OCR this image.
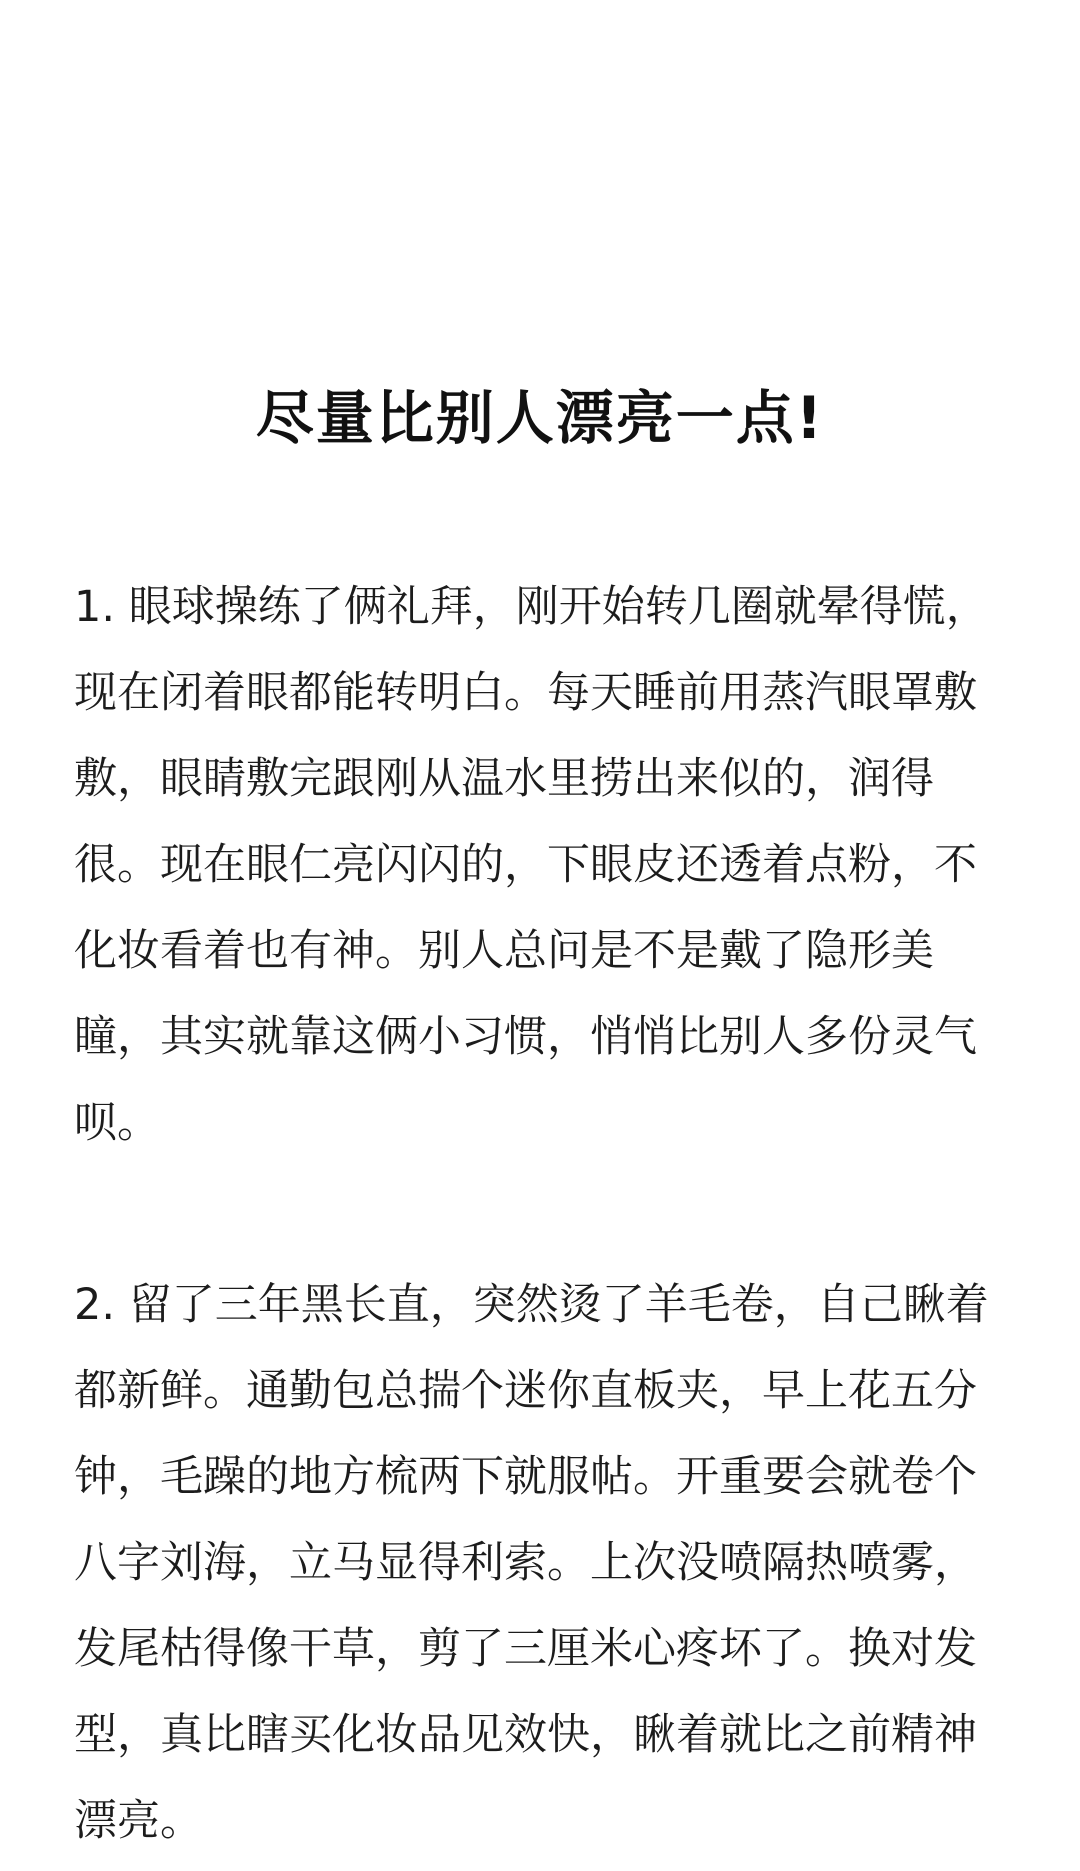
尽量比别人漂亮一点!

1. 眼球操练了俩礼拜，刚开始转几圈就晕得慌，现在闭着眼都能转明白。每天睡前用蒸汽眼罩敷敷，眼睛敷完跟刚从温水里捞出来似的，润得很。现在眼仁亮闪闪的，下眼皮还透着点粉，不化妆看着也有神。别人总问是不是戴了隐形美瞳，其实就靠这俩小习惯，悄悄比别人多份灵气呗。

2. 留了三年黑长直，突然烫了羊毛卷，自己瞅着都新鲜。通勤包总揣个迷你直板夹，早上花五分钟，毛躁的地方梳两下就服帖。开重要会就卷个八字刘海，立马显得利索。上次没喷隔热喷雾，发尾枯得像干草，剪了三厘米心疼坏了。换对发型，真比瞎买化妆品见效快，瞅着就比之前精神漂亮。
